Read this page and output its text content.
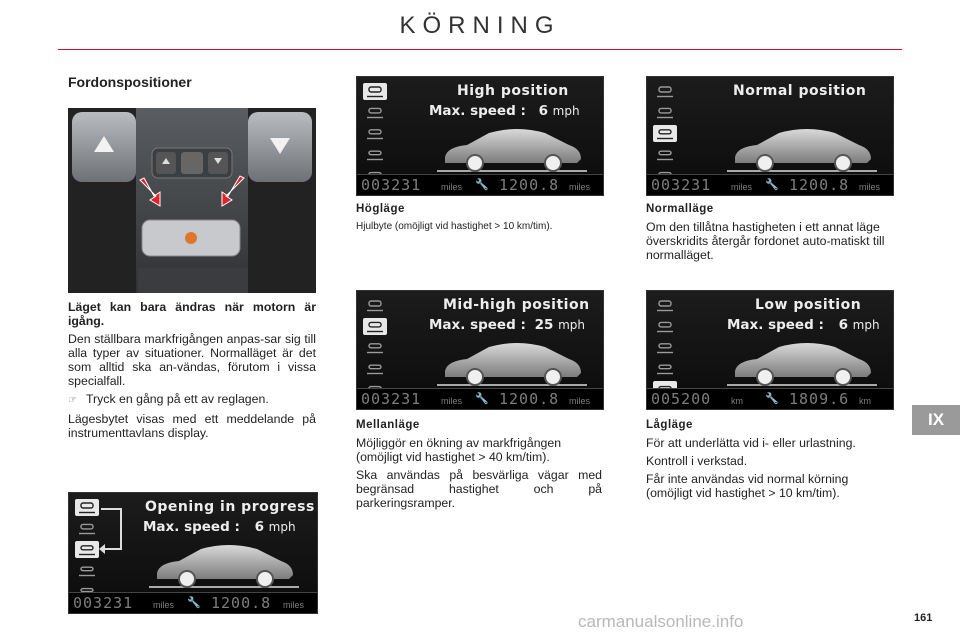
KÖRNING
Fordonspositioner

Läget kan bara ändras när motorn är igång.

Den ställbara markfrigången anpas-sar sig till alla typer av situationer. Normalläget är det som alltid ska an-vändas, förutom i vissa specialfall.

☞ Tryck en gång på ett av reglagen.

Lägesbytet visas med ett meddelande på instrumenttavlans display.

High position
Max. speed : 6 mph
003231 miles 🔧 1200.8 miles
Normal position
003231 miles 🔧 1200.8 miles
Högläge
Hjulbyte (omöjligt vid hastighet > 10 km/tim).
Normalläge

Om den tillåtna hastigheten i ett annat läge överskridits återgår fordonet auto-matiskt till normalläget.

Mid-high position
Max. speed : 25 mph
003231 miles 🔧 1200.8 miles
Low position
Max. speed : 6 mph
005200 km 🔧 1809.6 km
Mellanläge

Möjliggör en ökning av markfrigången (omöjligt vid hastighet > 40 km/tim).

Ska användas på besvärliga vägar med begränsad hastighet och på parkeringsramper.

Lågläge

För att underlätta vid i- eller urlastning.

Kontroll i verkstad.

Får inte användas vid normal körning (omöjligt vid hastighet > 10 km/tim).

Opening in progress
Max. speed : 6 mph
003231 miles 🔧 1200.8 miles
IX
carmanualsonline.info	161
